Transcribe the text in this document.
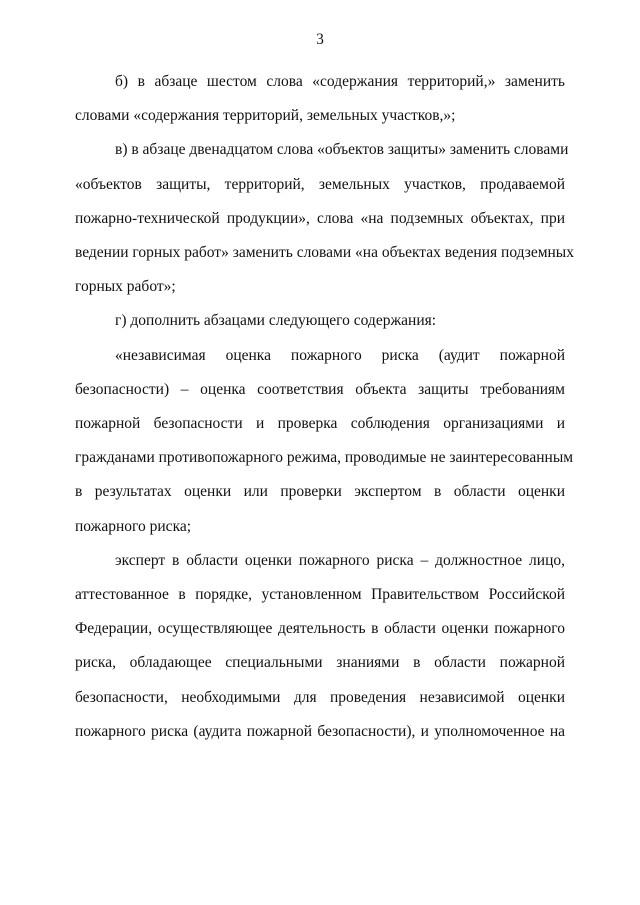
3
б) в абзаце шестом слова «содержания территорий,» заменить
словами «содержания территорий, земельных участков,»;
в) в абзаце двенадцатом слова «объектов защиты» заменить словами
«объектов защиты, территорий, земельных участков, продаваемой
пожарно-технической продукции», слова «на подземных объектах, при
ведении горных работ» заменить словами «на объектах ведения подземных
горных работ»;
г) дополнить абзацами следующего содержания:
«независимая оценка пожарного риска (аудит пожарной
безопасности) – оценка соответствия объекта защиты требованиям
пожарной безопасности и проверка соблюдения организациями и
гражданами противопожарного режима, проводимые не заинтересованным
в результатах оценки или проверки экспертом в области оценки
пожарного риска;
эксперт в области оценки пожарного риска – должностное лицо,
аттестованное в порядке, установленном Правительством Российской
Федерации, осуществляющее деятельность в области оценки пожарного
риска, обладающее специальными знаниями в области пожарной
безопасности, необходимыми для проведения независимой оценки
пожарного риска (аудита пожарной безопасности), и уполномоченное на
